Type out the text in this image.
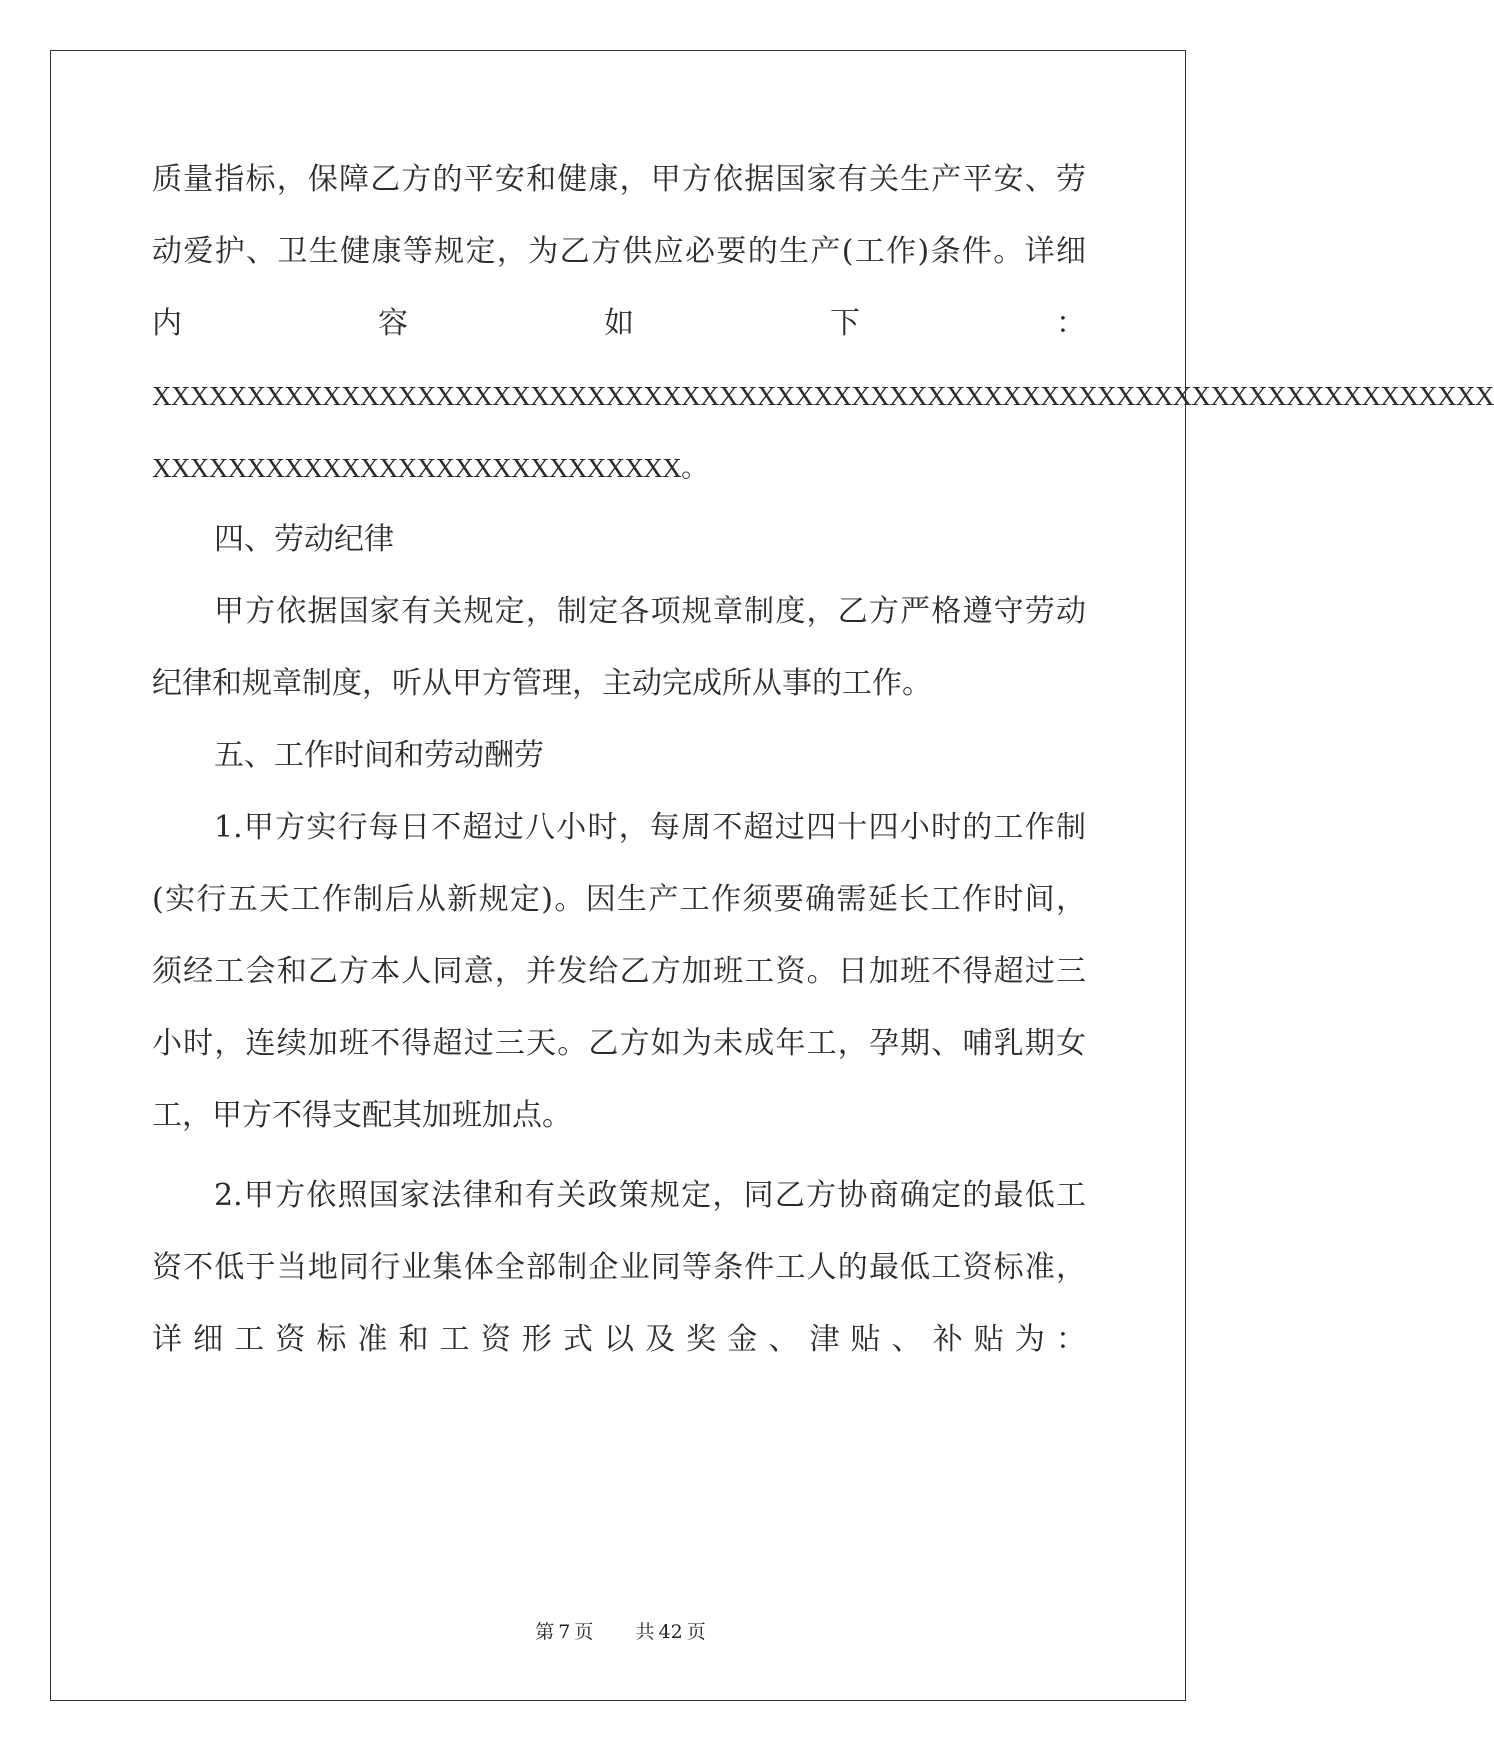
质量指标，保障乙方的平安和健康，甲方依据国家有关生产平安、劳
动爱护、卫生健康等规定，为乙方供应必要的生产(工作)条件。详细
内	容	如	下	：
XXXXXXXXXXXXXXXXXXXXXXXXXXXXXXXXXXXXXXXXXXXXXXXXXXXXXXXXXXXXXXXXXXXXXXX
XXXXXXXXXXXXXXXXXXXXXXXXXXXX。
四、劳动纪律
甲方依据国家有关规定，制定各项规章制度，乙方严格遵守劳动
纪律和规章制度，听从甲方管理，主动完成所从事的工作。
五、工作时间和劳动酬劳
1.甲方实行每日不超过八小时，每周不超过四十四小时的工作制
(实行五天工作制后从新规定)。因生产工作须要确需延长工作时间，
须经工会和乙方本人同意，并发给乙方加班工资。日加班不得超过三
小时，连续加班不得超过三天。乙方如为未成年工，孕期、哺乳期女
工，甲方不得支配其加班加点。
2.甲方依照国家法律和有关政策规定，同乙方协商确定的最低工
资不低于当地同行业集体全部制企业同等条件工人的最低工资标准，
详细工资标准和工资形式以及奖金、津贴、补贴为：
第 7 页 共 42 页
